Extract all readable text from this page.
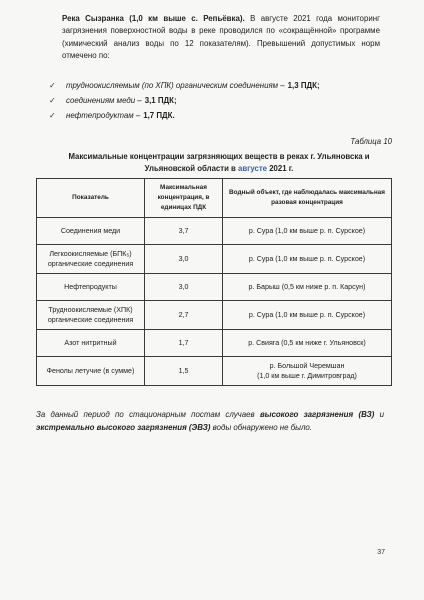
Река Сызранка (1,0 км выше с. Репьёвка). В августе 2021 года мониторинг загрязнения поверхностной воды в реке проводился по «сокращённой» программе (химический анализ воды по 12 показателям). Превышений допустимых норм отмечено по:
✓	трудноокисляемым (по ХПК) органическим соединениям – 1,3 ПДК;
✓	соединениям меди – 3,1 ПДК;
✓	нефтепродуктам – 1,7 ПДК.
Таблица 10
Максимальные концентрации загрязняющих веществ в реках г. Ульяновска и Ульяновской области в августе 2021 г.
Показатель	Максимальная концентрация, в единицах ПДК	Водный объект, где наблюдалась максимальная разовая концентрация
Соединения меди	3,7	р. Сура (1,0 км выше р. п. Сурское)
Легкоокисляемые (БПК₅) органические соединения	3,0	р. Сура (1,0 км выше р. п. Сурское)
Нефтепродукты	3,0	р. Барыш (0,5 км ниже р. п. Карсун)
Трудноокисляемые (ХПК) органические соединения	2,7	р. Сура (1,0 км выше р. п. Сурское)
Азот нитритный	1,7	р. Свияга (0,5 км ниже г. Ульяновск)
Фенолы летучие (в сумме)	1,5	р. Большой Черемшан
(1,0 км выше г. Димитровград)
За данный период по стационарным постам случаев высокого загрязнения (ВЗ) и экстремально высокого загрязнения (ЭВЗ) воды обнаружено не было.
37
